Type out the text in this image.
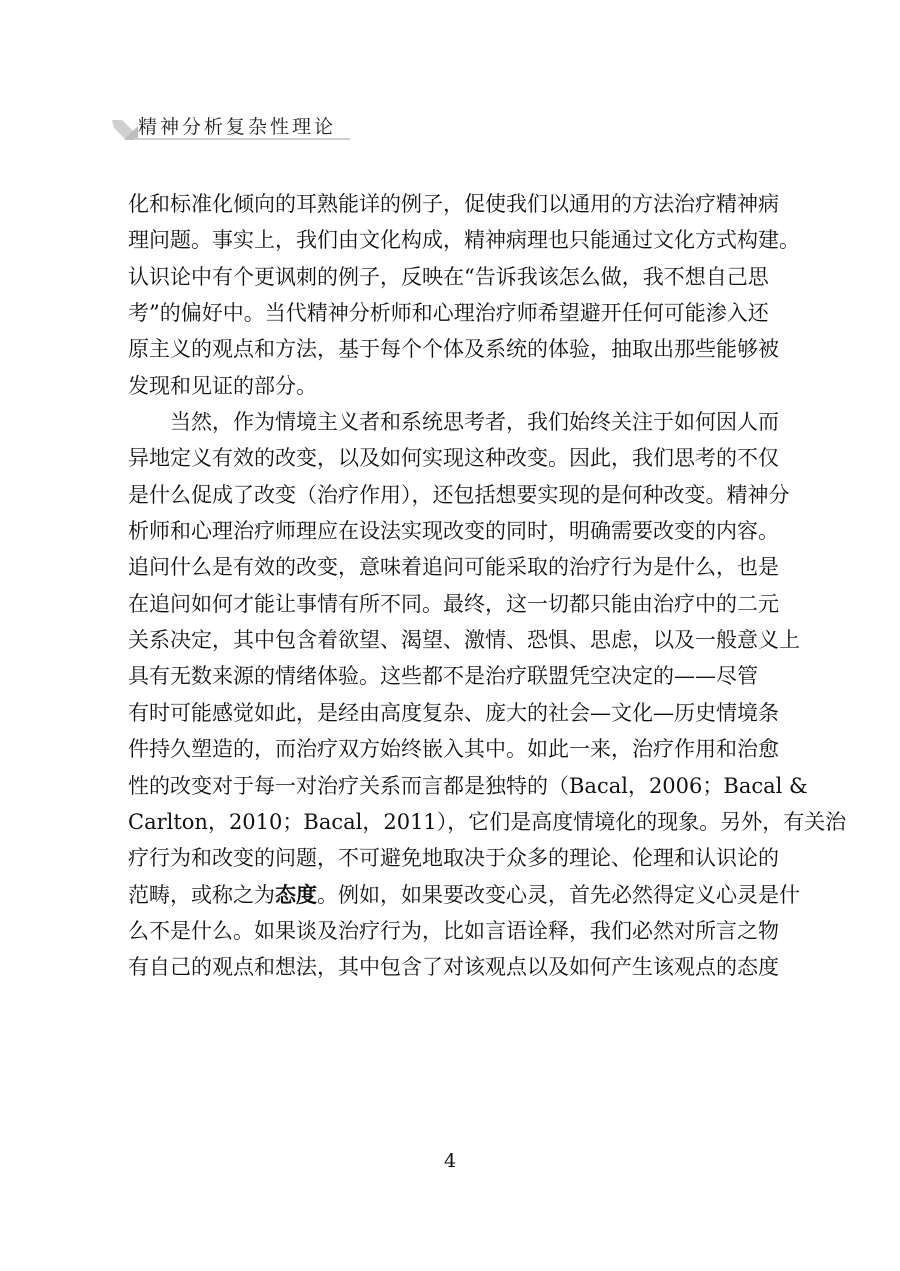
精神分析复杂性理论
化和标准化倾向的耳熟能详的例子，促使我们以通用的方法治疗精神病
理问题。事实上，我们由文化构成，精神病理也只能通过文化方式构建。
认识论中有个更讽刺的例子，反映在“告诉我该怎么做，我不想自己思
考”的偏好中。当代精神分析师和心理治疗师希望避开任何可能渗入还
原主义的观点和方法，基于每个个体及系统的体验，抽取出那些能够被
发现和见证的部分。
当然，作为情境主义者和系统思考者，我们始终关注于如何因人而
异地定义有效的改变，以及如何实现这种改变。因此，我们思考的不仅
是什么促成了改变（治疗作用），还包括想要实现的是何种改变。精神分
析师和心理治疗师理应在设法实现改变的同时，明确需要改变的内容。
追问什么是有效的改变，意味着追问可能采取的治疗行为是什么，也是
在追问如何才能让事情有所不同。最终，这一切都只能由治疗中的二元
关系决定，其中包含着欲望、渴望、激情、恐惧、思虑，以及一般意义上
具有无数来源的情绪体验。这些都不是治疗联盟凭空决定的——尽管
有时可能感觉如此，是经由高度复杂、庞大的社会—文化—历史情境条
件持久塑造的，而治疗双方始终嵌入其中。如此一来，治疗作用和治愈
性的改变对于每一对治疗关系而言都是独特的（Bacal，2006；Bacal &
Carlton，2010；Bacal，2011），它们是高度情境化的现象。另外，有关治
疗行为和改变的问题，不可避免地取决于众多的理论、伦理和认识论的
范畴，或称之为态度。例如，如果要改变心灵，首先必然得定义心灵是什
么不是什么。如果谈及治疗行为，比如言语诠释，我们必然对所言之物
有自己的观点和想法，其中包含了对该观点以及如何产生该观点的态度
4
